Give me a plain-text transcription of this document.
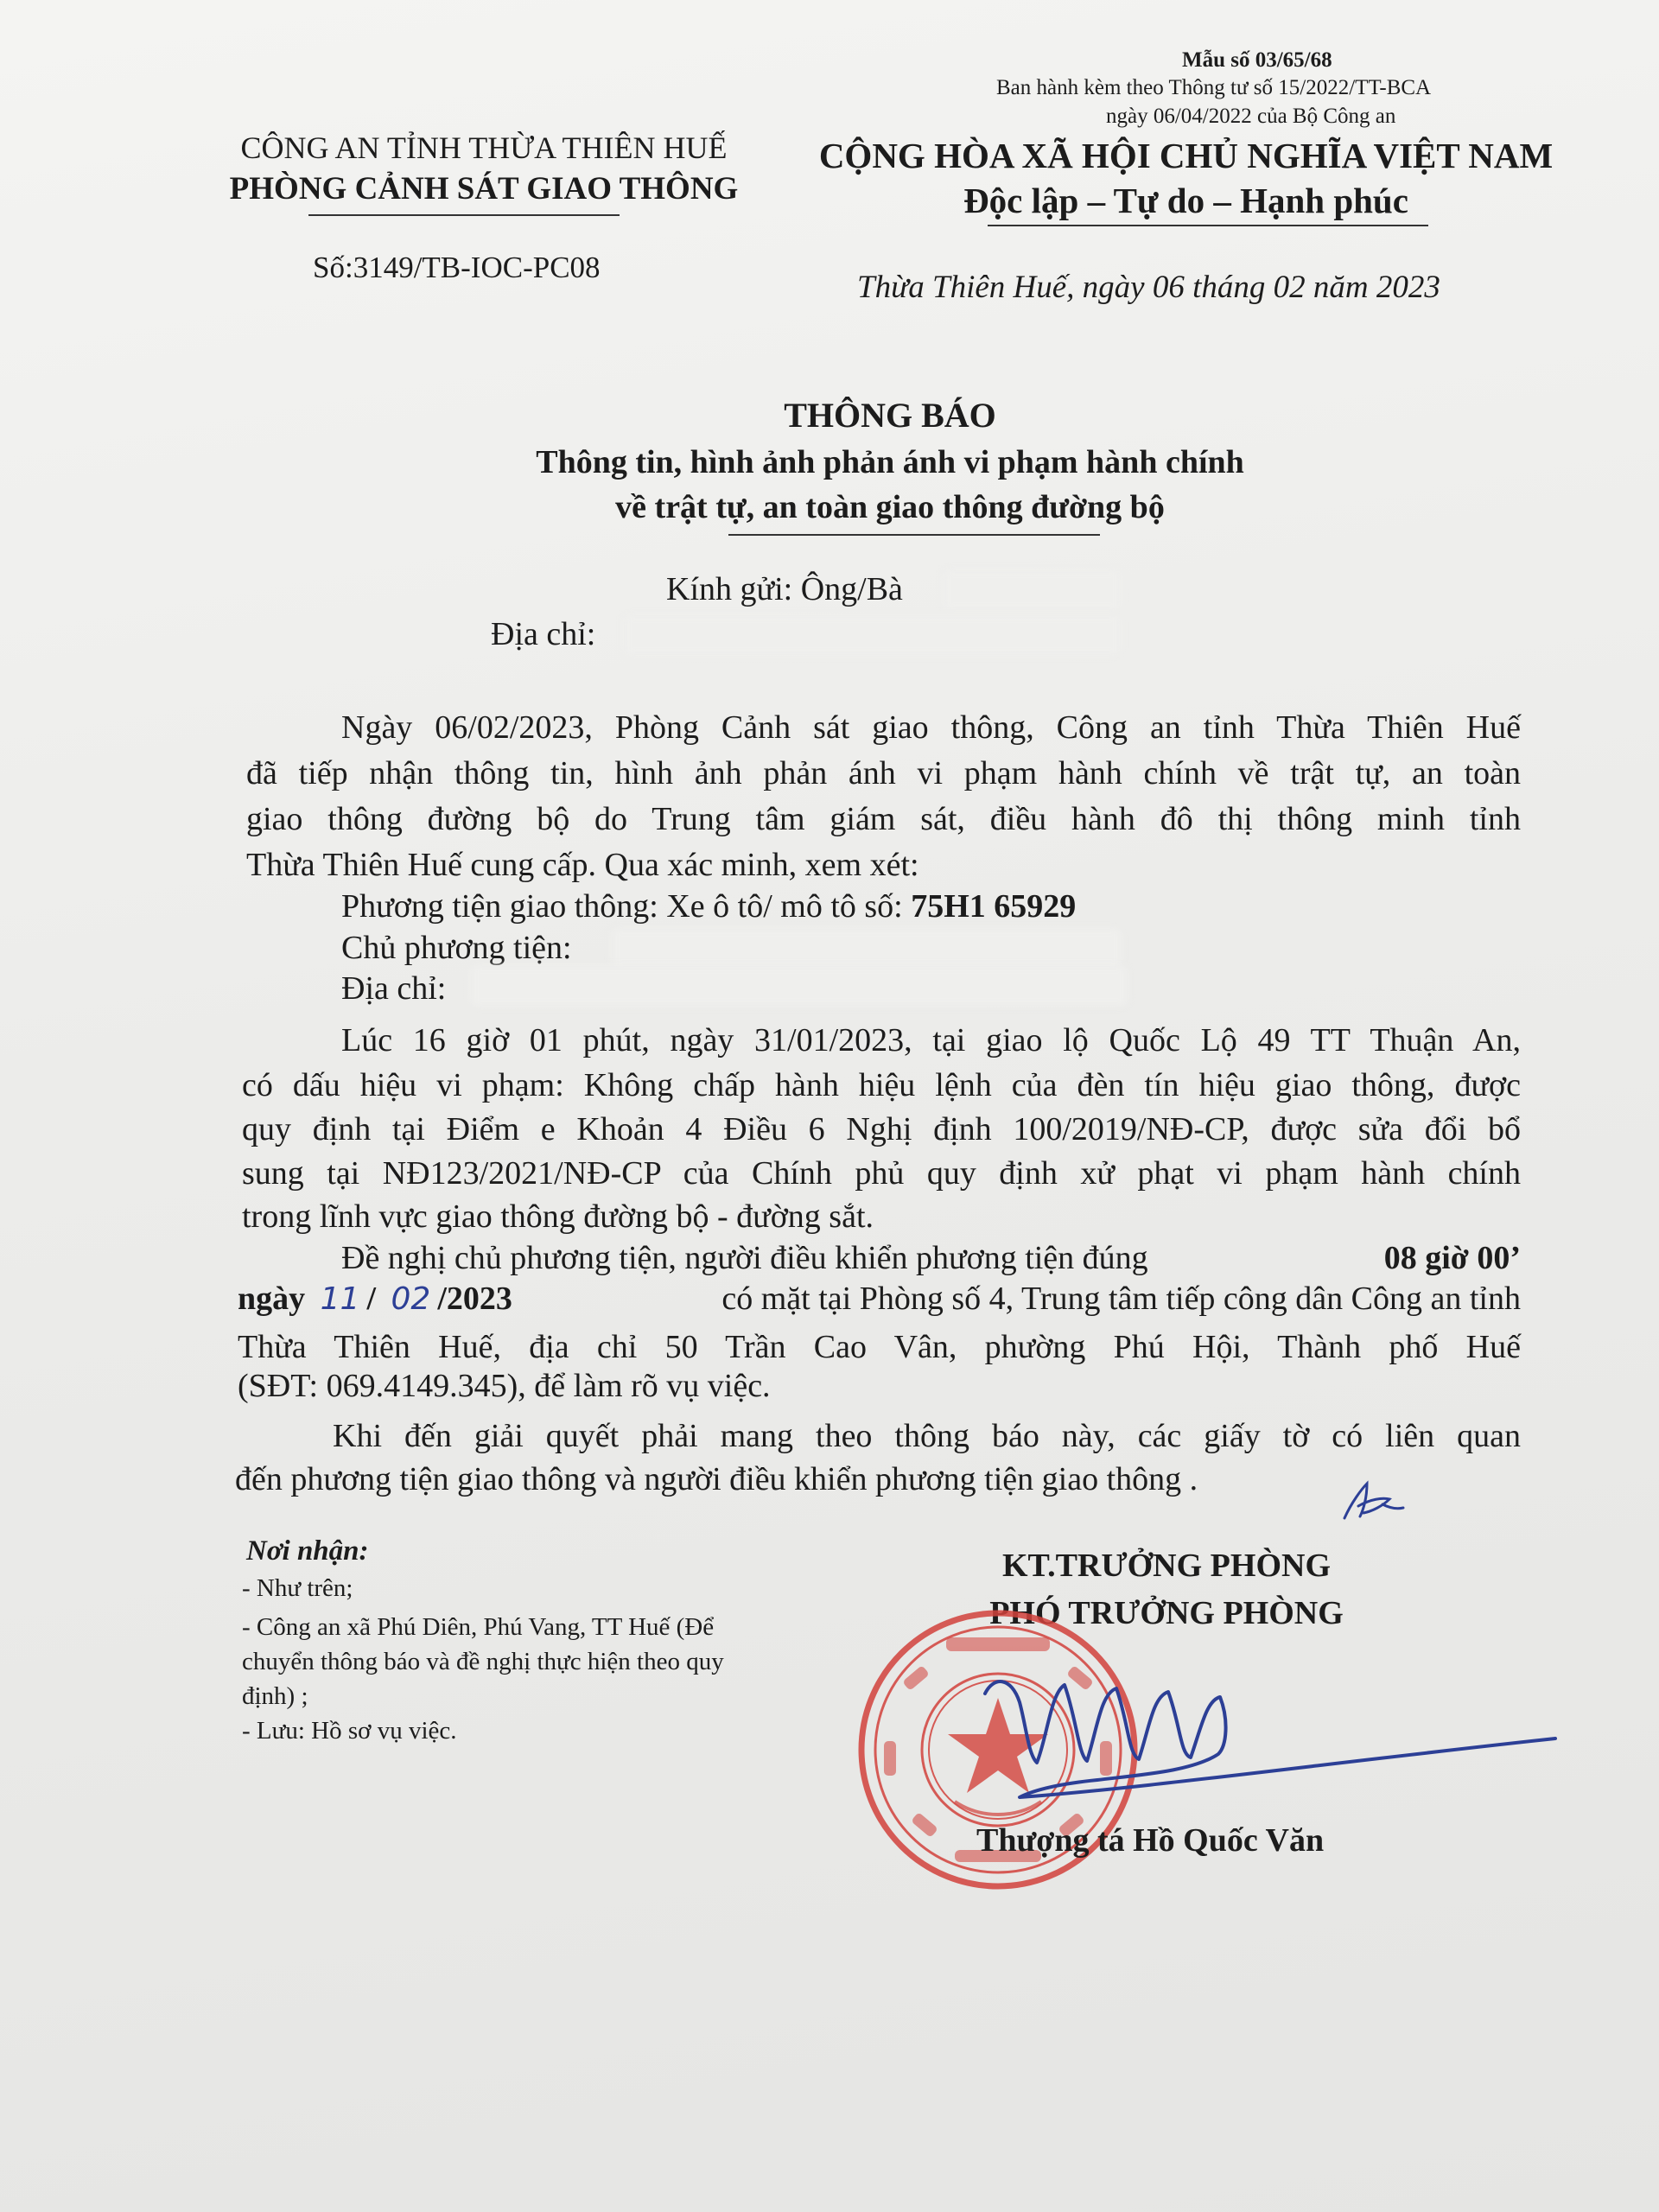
Mẫu số 03/65/68
Ban hành kèm theo Thông tư số 15/2022/TT-BCA
ngày 06/04/2022 của Bộ Công an
CÔNG AN TỈNH THỪA THIÊN HUẾ
PHÒNG CẢNH SÁT GIAO THÔNG
Số:3149/TB-IOC-PC08
CỘNG HÒA XÃ HỘI CHỦ NGHĨA VIỆT NAM
Độc lập – Tự do – Hạnh phúc
Thừa Thiên Huế, ngày 06 tháng 02 năm 2023
THÔNG BÁO
Thông tin, hình ảnh phản ánh vi phạm hành chính
về trật tự, an toàn giao thông đường bộ
Kính gửi: Ông/Bà
Địa chỉ:
Ngày 06/02/2023, Phòng Cảnh sát giao thông, Công an tỉnh Thừa Thiên Huế
đã tiếp nhận thông tin, hình ảnh phản ánh vi phạm hành chính về trật tự, an toàn
giao thông đường bộ do Trung tâm giám sát, điều hành đô thị thông minh tỉnh
Thừa Thiên Huế cung cấp. Qua xác minh, xem xét:
Phương tiện giao thông: Xe ô tô/ mô tô số: 75H1 65929
Chủ phương tiện:
Địa chỉ:
Lúc 16 giờ 01 phút, ngày 31/01/2023, tại giao lộ Quốc Lộ 49 TT Thuận An,
có dấu hiệu vi phạm: Không chấp hành hiệu lệnh của đèn tín hiệu giao thông, được
quy định tại Điểm e Khoản 4 Điều 6 Nghị định 100/2019/NĐ-CP, được sửa đổi bổ
sung tại NĐ123/2021/NĐ-CP của Chính phủ quy định xử phạt vi phạm hành chính
trong lĩnh vực giao thông đường bộ - đường sắt.
Đề nghị chủ phương tiện, người điều khiển phương tiện đúng	08 giờ 00’
ngày 11 / 02 /2023	có mặt tại Phòng số 4, Trung tâm tiếp công dân Công an tỉnh
Thừa Thiên Huế, địa chỉ 50 Trần Cao Vân, phường Phú Hội, Thành phố Huế
(SĐT: 069.4149.345), để làm rõ vụ việc.
Khi đến giải quyết phải mang theo thông báo này, các giấy tờ có liên quan
đến phương tiện giao thông và người điều khiển phương tiện giao thông .
Nơi nhận:
- Như trên;
- Công an xã Phú Diên, Phú Vang, TT Huế (Để
chuyển thông báo và đề nghị thực hiện theo quy
định) ;
- Lưu: Hồ sơ vụ việc.
KT.TRƯỞNG PHÒNG
PHÓ TRƯỞNG PHÒNG
Thượng tá Hồ Quốc Văn
